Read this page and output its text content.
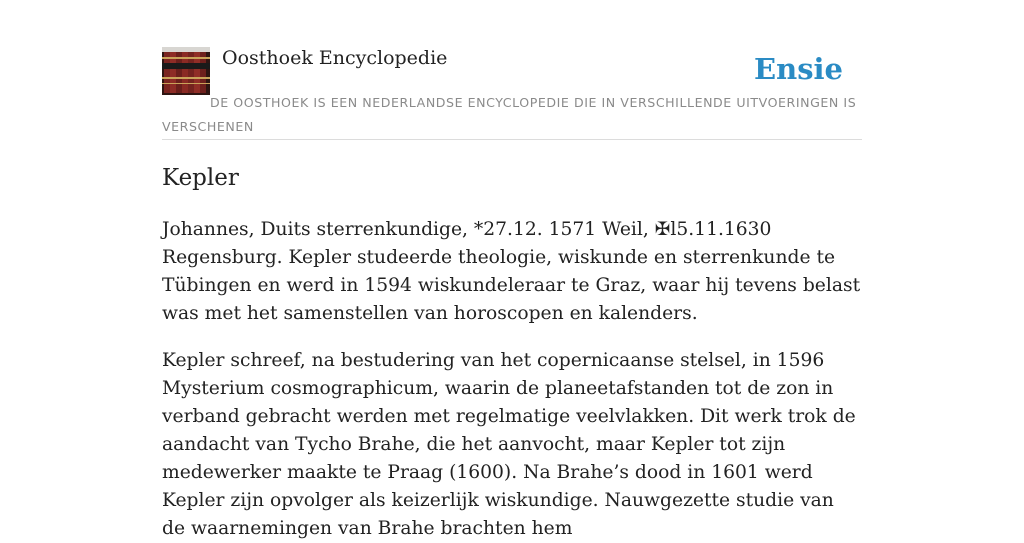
Oosthoek Encyclopedie	Ensie

DE OOSTHOEK IS EEN NEDERLANDSE ENCYCLOPEDIE DIE IN VERSCHILLENDE UITVOERINGEN IS VERSCHENEN

Kepler

Johannes, Duits sterrenkundige, *27.12. 1571 Weil, ✠l5.11.1630 Regensburg. Kepler studeerde theologie, wiskunde en sterrenkunde te Tübingen en werd in 1594 wiskundeleraar te Graz, waar hij tevens belast was met het samenstellen van horoscopen en kalenders.

Kepler schreef, na bestudering van het copernicaanse stelsel, in 1596 Mysterium cosmographicum, waarin de planeetafstanden tot de zon in verband gebracht werden met regelmatige veelvlakken. Dit werk trok de aandacht van Tycho Brahe, die het aanvocht, maar Kepler tot zijn medewerker maakte te Praag (1600). Na Brahe’s dood in 1601 werd Kepler zijn opvolger als keizerlijk wiskundige. Nauwgezette studie van de waarnemingen van Brahe brachten hem
